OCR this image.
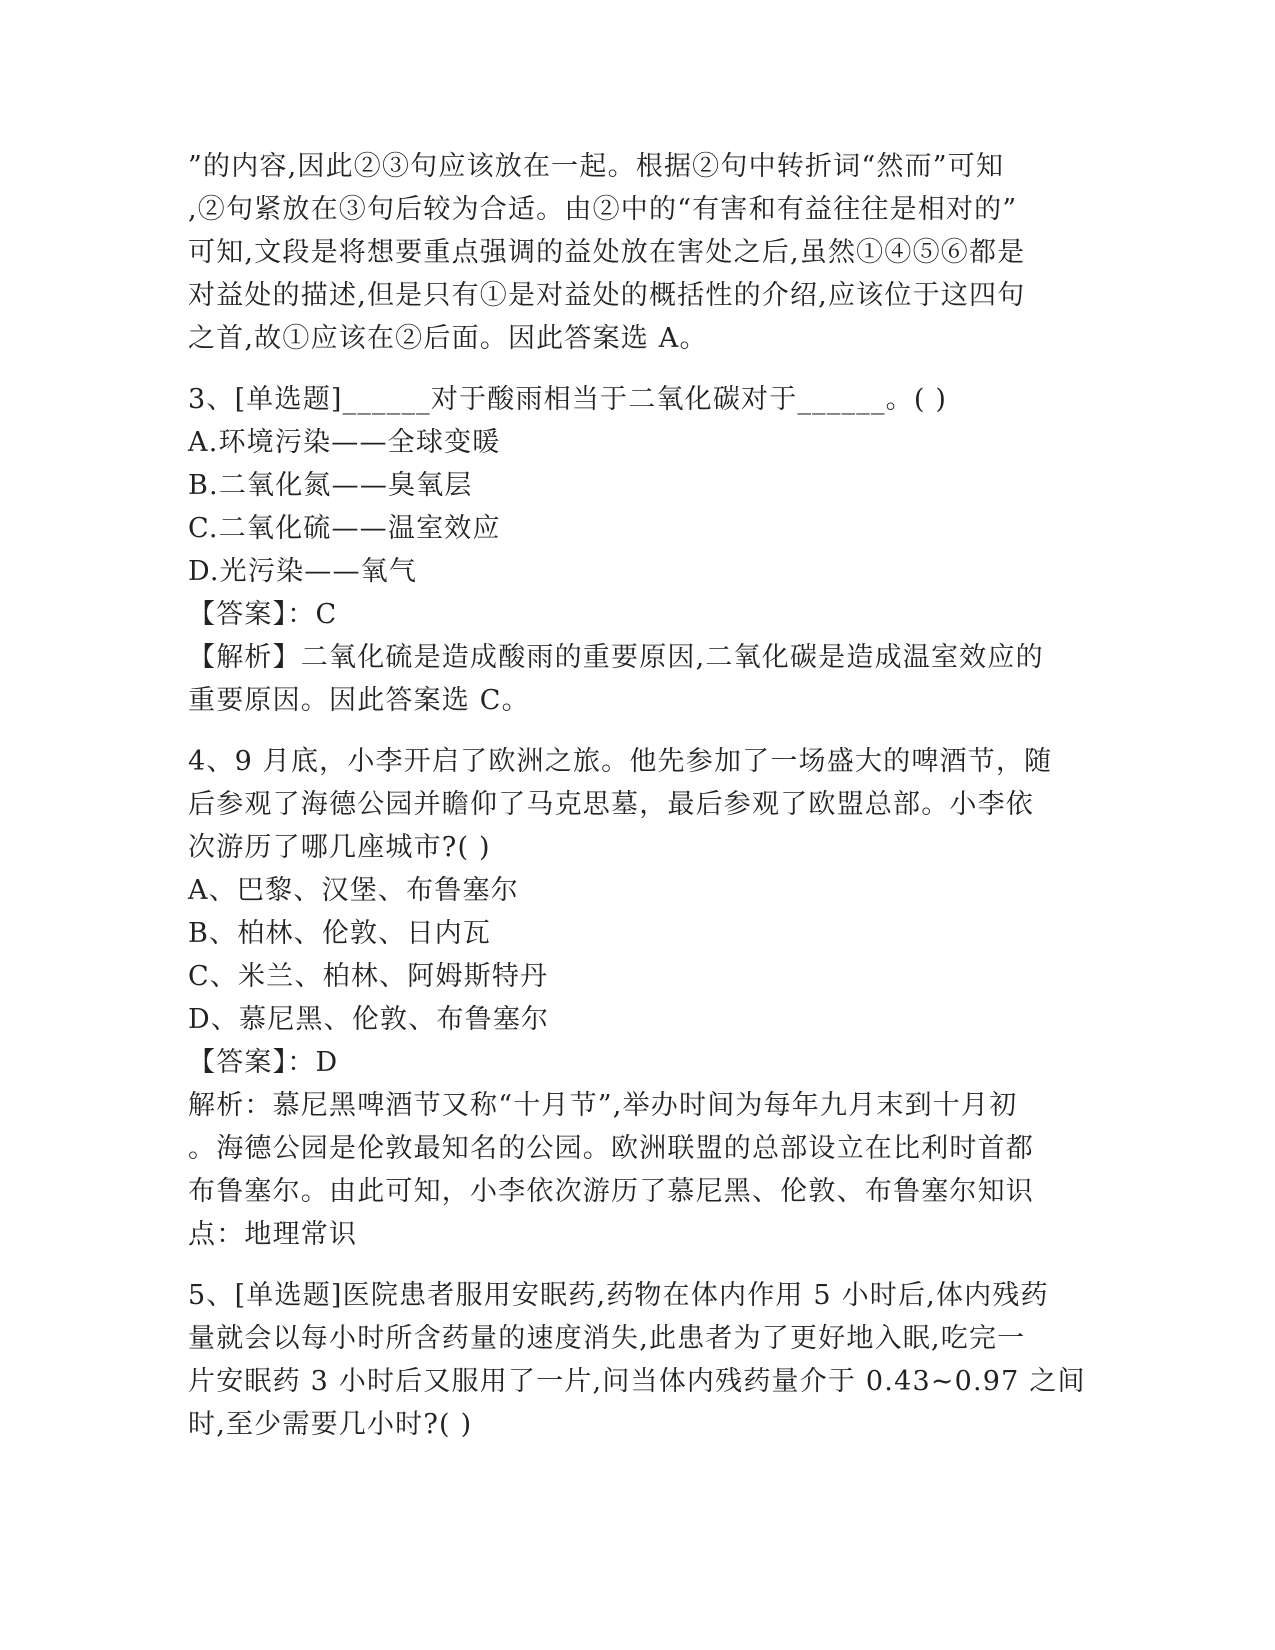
”的内容,因此②③句应该放在一起。根据②句中转折词“然而”可知
,②句紧放在③句后较为合适。由②中的“有害和有益往往是相对的”
可知,文段是将想要重点强调的益处放在害处之后,虽然①④⑤⑥都是
对益处的描述,但是只有①是对益处的概括性的介绍,应该位于这四句
之首,故①应该在②后面。因此答案选 A。
3、[单选题]______对于酸雨相当于二氧化碳对于______。( )
A.环境污染——全球变暖
B.二氧化氮——臭氧层
C.二氧化硫——温室效应
D.光污染——氧气
【答案】：C
【解析】二氧化硫是造成酸雨的重要原因,二氧化碳是造成温室效应的
重要原因。因此答案选 C。
4、9 月底，小李开启了欧洲之旅。他先参加了一场盛大的啤酒节，随
后参观了海德公园并瞻仰了马克思墓，最后参观了欧盟总部。小李依
次游历了哪几座城市?( )
A、巴黎、汉堡、布鲁塞尔
B、柏林、伦敦、日内瓦
C、米兰、柏林、阿姆斯特丹
D、慕尼黑、伦敦、布鲁塞尔
【答案】：D
解析：慕尼黑啤酒节又称“十月节”,举办时间为每年九月末到十月初
。海德公园是伦敦最知名的公园。欧洲联盟的总部设立在比利时首都
布鲁塞尔。由此可知，小李依次游历了慕尼黑、伦敦、布鲁塞尔知识
点：地理常识
5、[单选题]医院患者服用安眠药,药物在体内作用 5 小时后,体内残药
量就会以每小时所含药量的速度消失,此患者为了更好地入眠,吃完一
片安眠药 3 小时后又服用了一片,问当体内残药量介于 0.43~0.97 之间
时,至少需要几小时?( )
